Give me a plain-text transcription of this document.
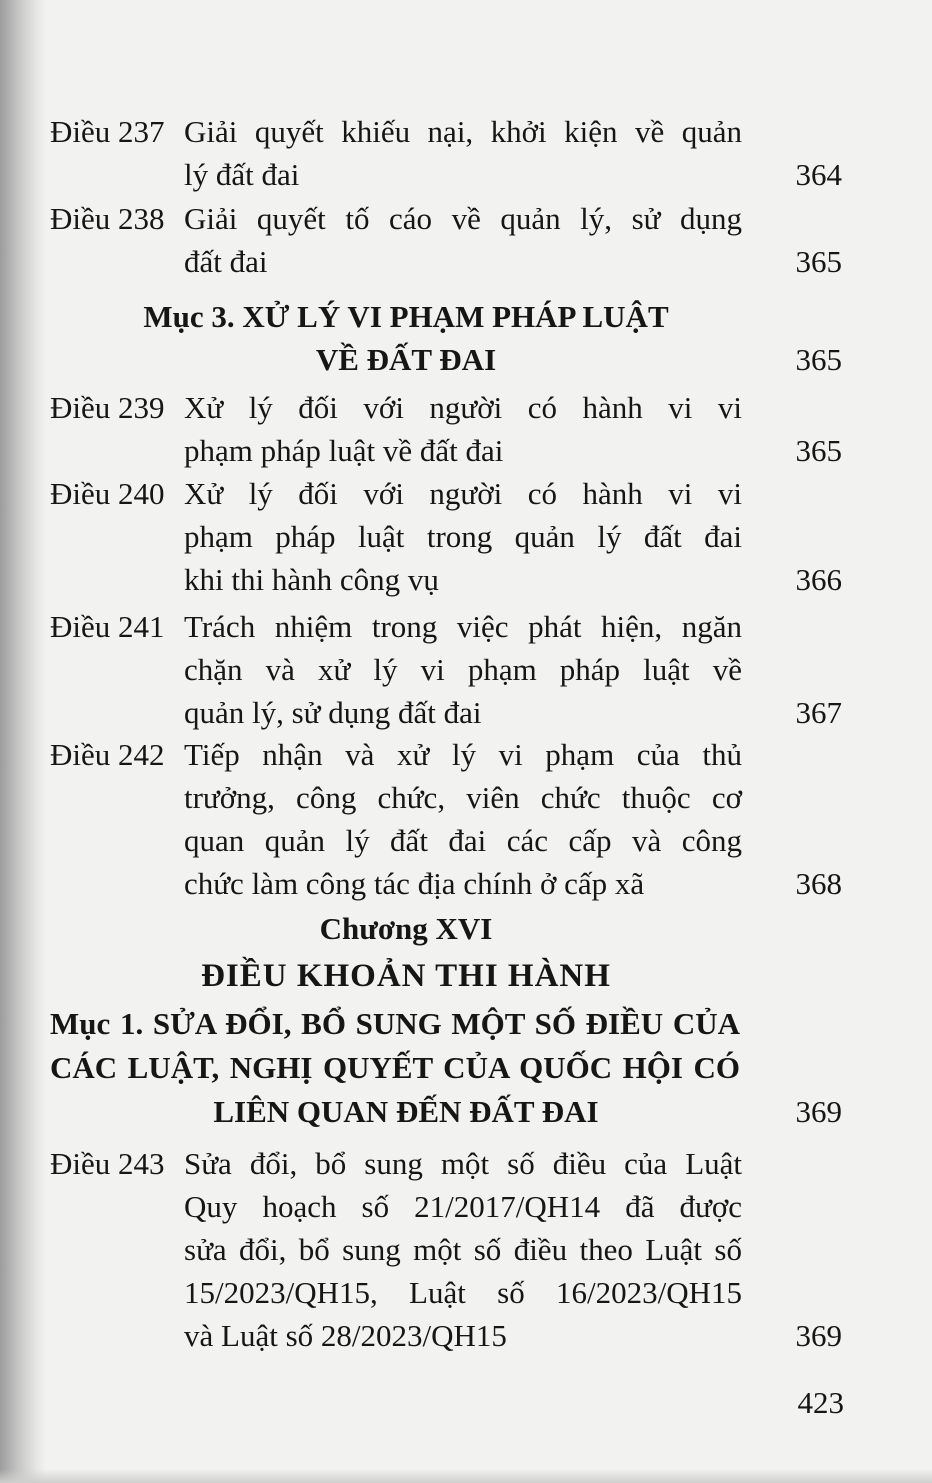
Điều 237 Giải quyết khiếu nại, khởi kiện về quản
lý đất đai	364
Điều 238 Giải quyết tố cáo về quản lý, sử dụng
đất đai	365
Mục 3. XỬ LÝ VI PHẠM PHÁP LUẬT
VỀ ĐẤT ĐAI	365
Điều 239 Xử lý đối với người có hành vi vi
phạm pháp luật về đất đai	365
Điều 240 Xử lý đối với người có hành vi vi
phạm pháp luật trong quản lý đất đai
khi thi hành công vụ	366
Điều 241 Trách nhiệm trong việc phát hiện, ngăn
chặn và xử lý vi phạm pháp luật về
quản lý, sử dụng đất đai	367
Điều 242 Tiếp nhận và xử lý vi phạm của thủ
trưởng, công chức, viên chức thuộc cơ
quan quản lý đất đai các cấp và công
chức làm công tác địa chính ở cấp xã	368
Chương XVI
ĐIỀU KHOẢN THI HÀNH
Mục 1. SỬA ĐỔI, BỔ SUNG MỘT SỐ ĐIỀU CỦA
CÁC LUẬT, NGHỊ QUYẾT CỦA QUỐC HỘI CÓ
LIÊN QUAN ĐẾN ĐẤT ĐAI	369
Điều 243 Sửa đổi, bổ sung một số điều của Luật
Quy hoạch số 21/2017/QH14 đã được
sửa đổi, bổ sung một số điều theo Luật số
15/2023/QH15, Luật số 16/2023/QH15
và Luật số 28/2023/QH15	369
423
